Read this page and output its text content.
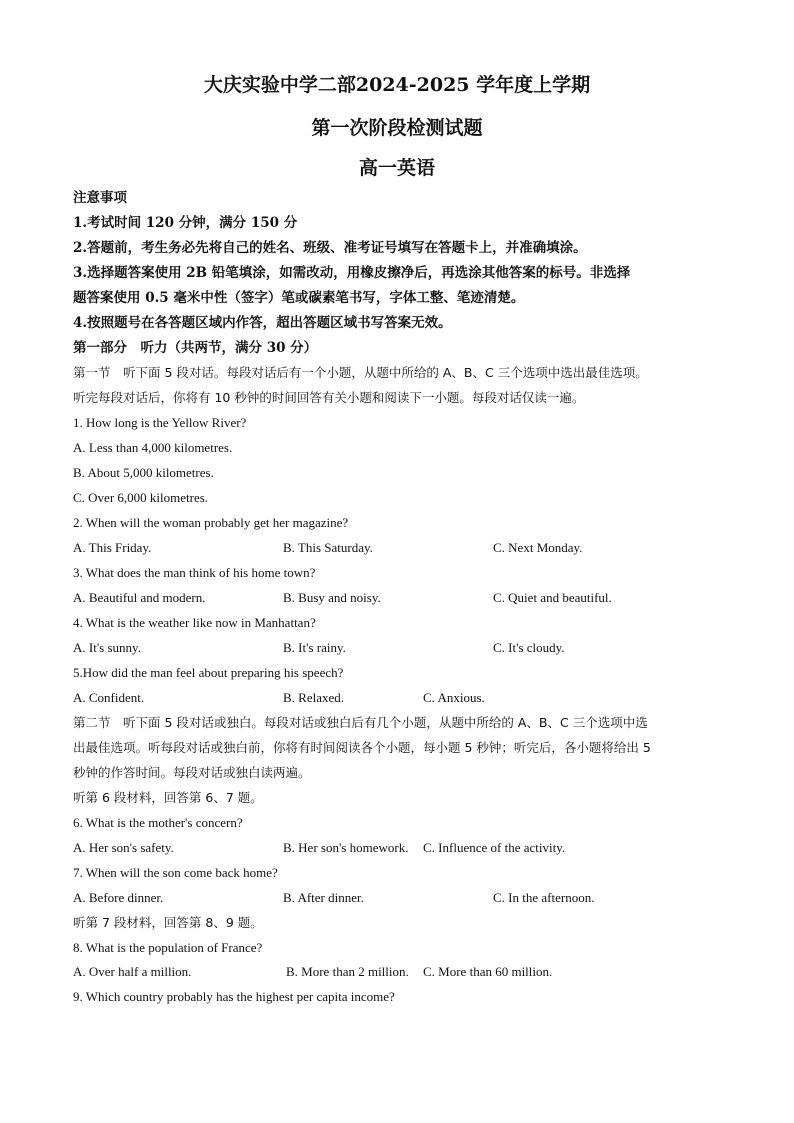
大庆实验中学二部2024-2025 学年度上学期
第一次阶段检测试题
高一英语
注意事项
1.考试时间 120 分钟，满分 150 分
2.答题前，考生务必先将自己的姓名、班级、准考证号填写在答题卡上，并准确填涂。
3.选择题答案使用 2B 铅笔填涂，如需改动，用橡皮擦净后，再选涂其他答案的标号。非选择
题答案使用 0.5 毫米中性（签字）笔或碳素笔书写，字体工整、笔迹清楚。
4.按照题号在各答题区域内作答，超出答题区域书写答案无效。
第一部分　听力（共两节，满分 30 分）
第一节　听下面 5 段对话。每段对话后有一个小题，从题中所给的 A、B、C 三个选项中选出最佳选项。
听完每段对话后，你将有 10 秒钟的时间回答有关小题和阅读下一小题。每段对话仅读一遍。
1. How long is the Yellow River?
A. Less than 4,000 kilometres.
B. About 5,000 kilometres.
C. Over 6,000 kilometres.
2. When will the woman probably get her magazine?
A. This Friday.	B. This Saturday.	C. Next Monday.
3. What does the man think of his home town?
A. Beautiful and modern.	B. Busy and noisy.	C. Quiet and beautiful.
4. What is the weather like now in Manhattan?
A. It's sunny.	B. It's rainy.	C. It's cloudy.
5.How did the man feel about preparing his speech?
A. Confident.	B. Relaxed.	C. Anxious.
第二节　听下面 5 段对话或独白。每段对话或独白后有几个小题，从题中所给的 A、B、C 三个选项中选
出最佳选项。听每段对话或独白前，你将有时间阅读各个小题，每小题 5 秒钟；听完后，各小题将给出 5
秒钟的作答时间。每段对话或独白读两遍。
听第 6 段材料，回答第 6、7 题。
6. What is the mother's concern?
A. Her son's safety.	B. Her son's homework. C. Influence of the activity.
7. When will the son come back home?
A. Before dinner.	B. After dinner.	C. In the afternoon.
听第 7 段材料，回答第 8、9 题。
8. What is the population of France?
A. Over half a million.	B. More than 2 million. C. More than 60 million.
9. Which country probably has the highest per capita income?
